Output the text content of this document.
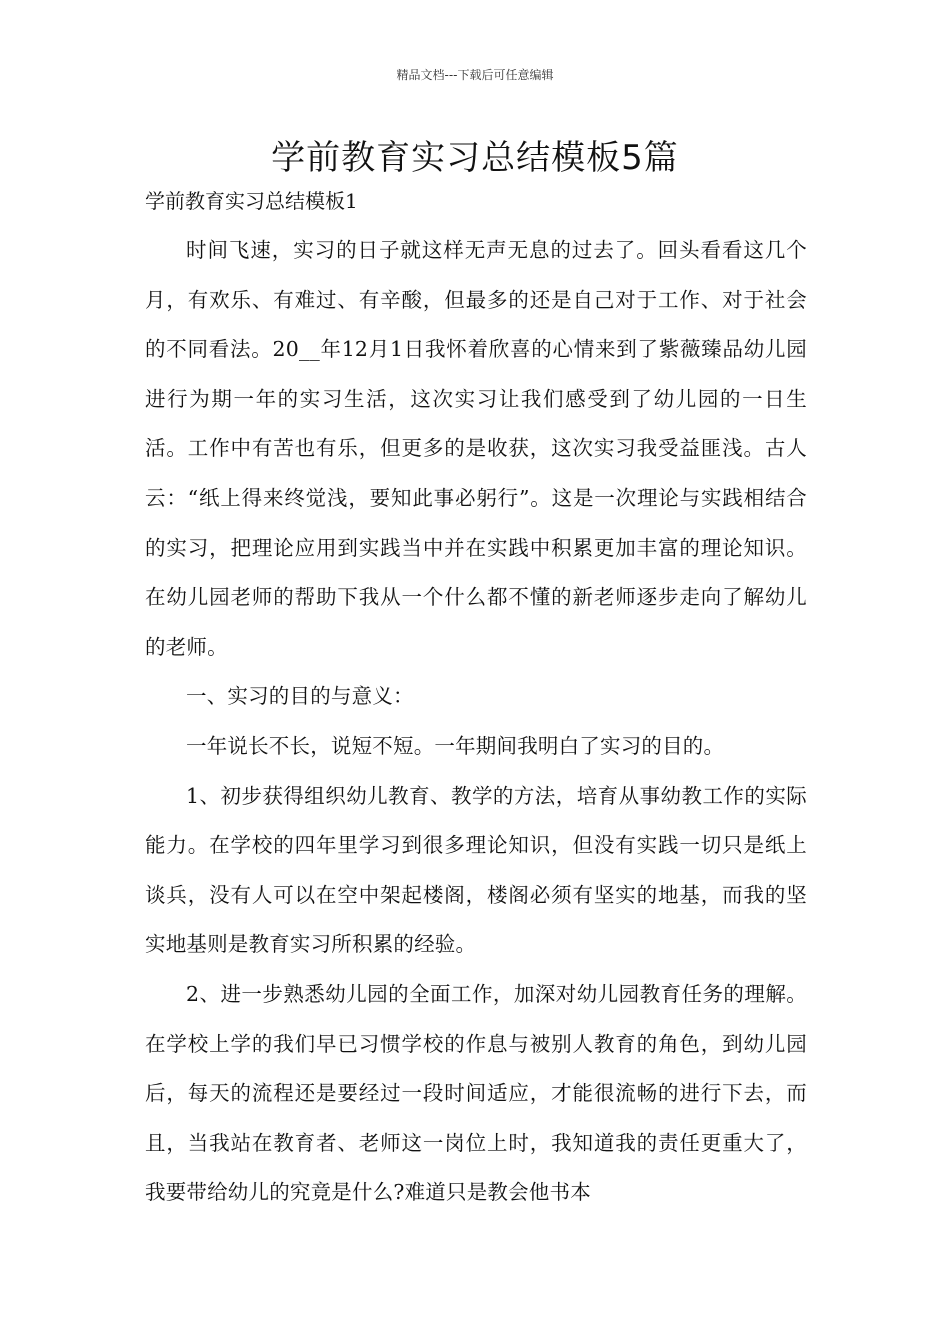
精品文档---下载后可任意编辑
学前教育实习总结模板5篇

学前教育实习总结模板1

时间飞速，实习的日子就这样无声无息的过去了。回头看看这几个月，有欢乐、有难过、有辛酸，但最多的还是自己对于工作、对于社会的不同看法。20__年12月1日我怀着欣喜的心情来到了紫薇臻品幼儿园进行为期一年的实习生活，这次实习让我们感受到了幼儿园的一日生活。工作中有苦也有乐，但更多的是收获，这次实习我受益匪浅。古人云：“纸上得来终觉浅，要知此事必躬行”。这是一次理论与实践相结合的实习，把理论应用到实践当中并在实践中积累更加丰富的理论知识。在幼儿园老师的帮助下我从一个什么都不懂的新老师逐步走向了解幼儿的老师。

一、实习的目的与意义：

一年说长不长，说短不短。一年期间我明白了实习的目的。

1、初步获得组织幼儿教育、教学的方法，培育从事幼教工作的实际能力。在学校的四年里学习到很多理论知识，但没有实践一切只是纸上谈兵，没有人可以在空中架起楼阁，楼阁必须有坚实的地基，而我的坚实地基则是教育实习所积累的经验。

2、进一步熟悉幼儿园的全面工作，加深对幼儿园教育任务的理解。在学校上学的我们早已习惯学校的作息与被别人教育的角色，到幼儿园后，每天的流程还是要经过一段时间适应，才能很流畅的进行下去，而且，当我站在教育者、老师这一岗位上时，我知道我的责任更重大了，我要带给幼儿的究竟是什么?难道只是教会他书本
